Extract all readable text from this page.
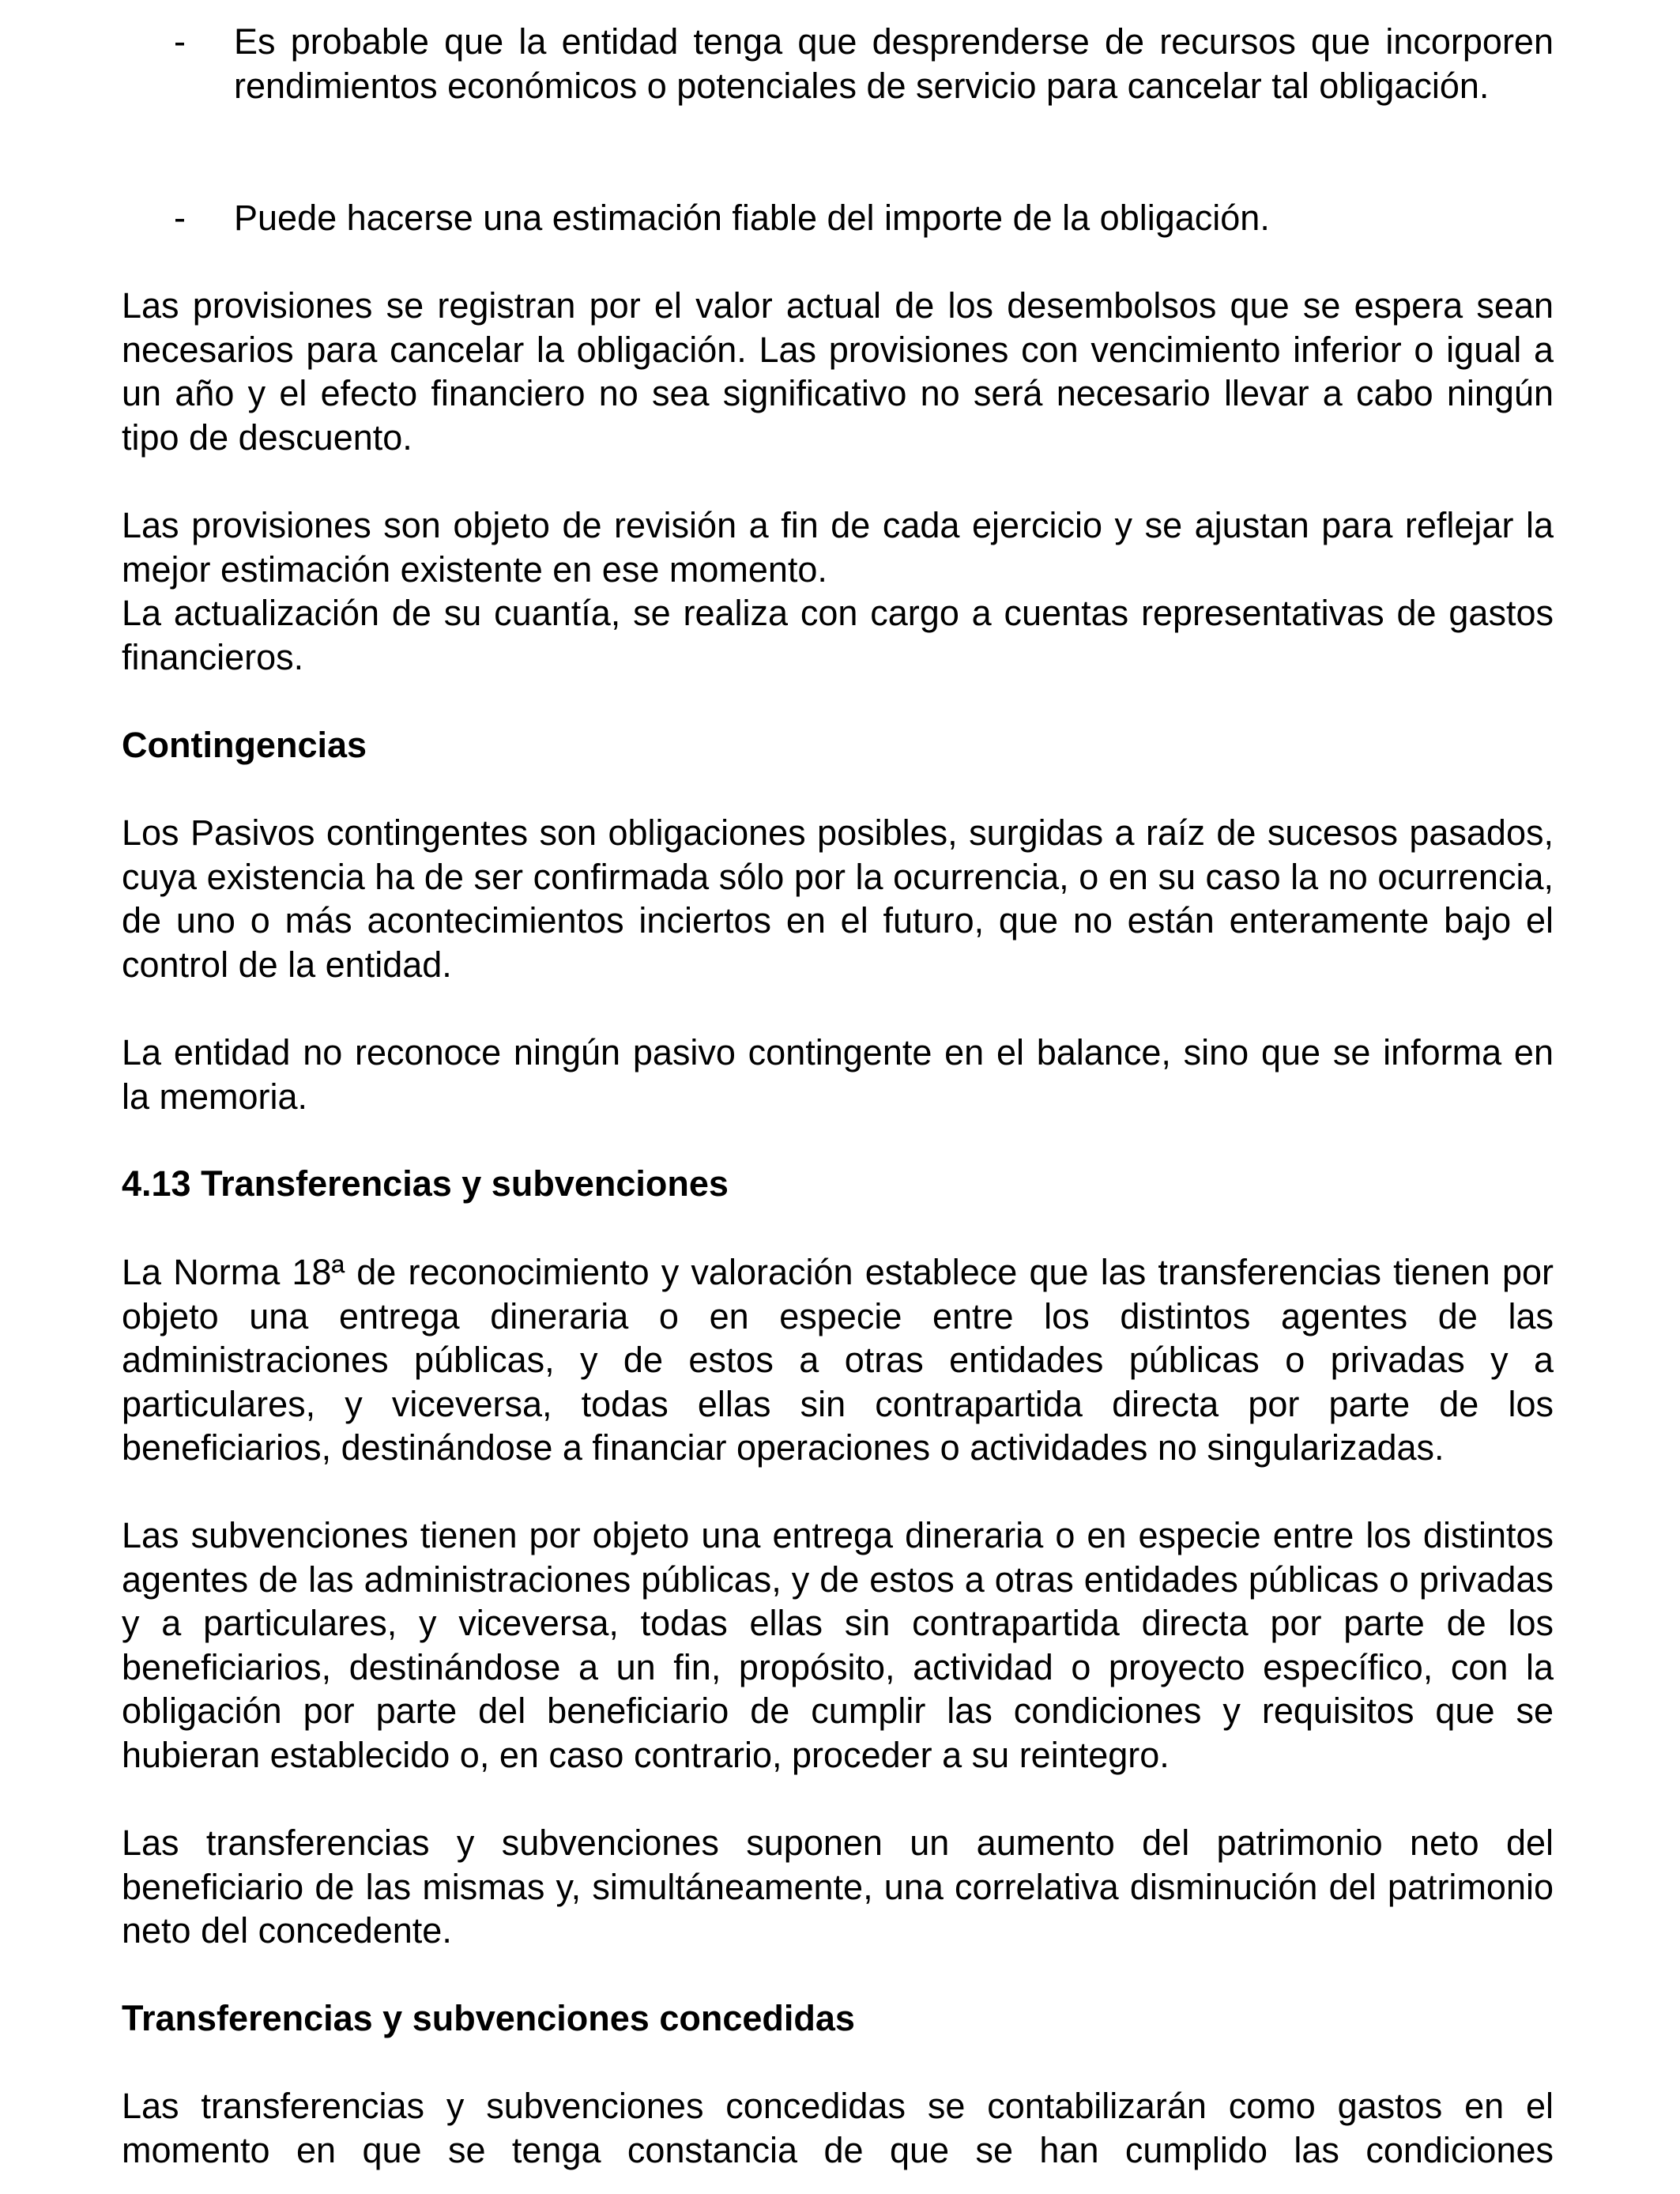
- Es probable que la entidad tenga que desprenderse de recursos que incorporen rendimientos económicos o potenciales de servicio para cancelar tal obligación.
- Puede hacerse una estimación fiable del importe de la obligación.

Las provisiones se registran por el valor actual de los desembolsos que se espera sean necesarios para cancelar la obligación. Las provisiones con vencimiento inferior o igual a un año y el efecto financiero no sea significativo no será necesario llevar a cabo ningún tipo de descuento.

Las provisiones son objeto de revisión a fin de cada ejercicio y se ajustan para reflejar la mejor estimación existente en ese momento.

La actualización de su cuantía, se realiza con cargo a cuentas representativas de gastos financieros.

Contingencias

Los Pasivos contingentes son obligaciones posibles, surgidas a raíz de sucesos pasados, cuya existencia ha de ser confirmada sólo por la ocurrencia, o en su caso la no ocurrencia, de uno o más acontecimientos inciertos en el futuro, que no están enteramente bajo el control de la entidad.

La entidad no reconoce ningún pasivo contingente en el balance, sino que se informa en la memoria.

4.13 Transferencias y subvenciones

La Norma 18ª de reconocimiento y valoración establece que las transferencias tienen por objeto una entrega dineraria o en especie entre los distintos agentes de las administraciones públicas, y de estos a otras entidades públicas o privadas y a particulares, y viceversa, todas ellas sin contrapartida directa por parte de los beneficiarios, destinándose a financiar operaciones o actividades no singularizadas.

Las subvenciones tienen por objeto una entrega dineraria o en especie entre los distintos agentes de las administraciones públicas, y de estos a otras entidades públicas o privadas y a particulares, y viceversa, todas ellas sin contrapartida directa por parte de los beneficiarios, destinándose a un fin, propósito, actividad o proyecto específico, con la obligación por parte del beneficiario de cumplir las condiciones y requisitos que se hubieran establecido o, en caso contrario, proceder a su reintegro.

Las transferencias y subvenciones suponen un aumento del patrimonio neto del beneficiario de las mismas y, simultáneamente, una correlativa disminución del patrimonio neto del concedente.

Transferencias y subvenciones concedidas

Las transferencias y subvenciones concedidas se contabilizarán como gastos en el momento en que se tenga constancia de que se han cumplido las condiciones
